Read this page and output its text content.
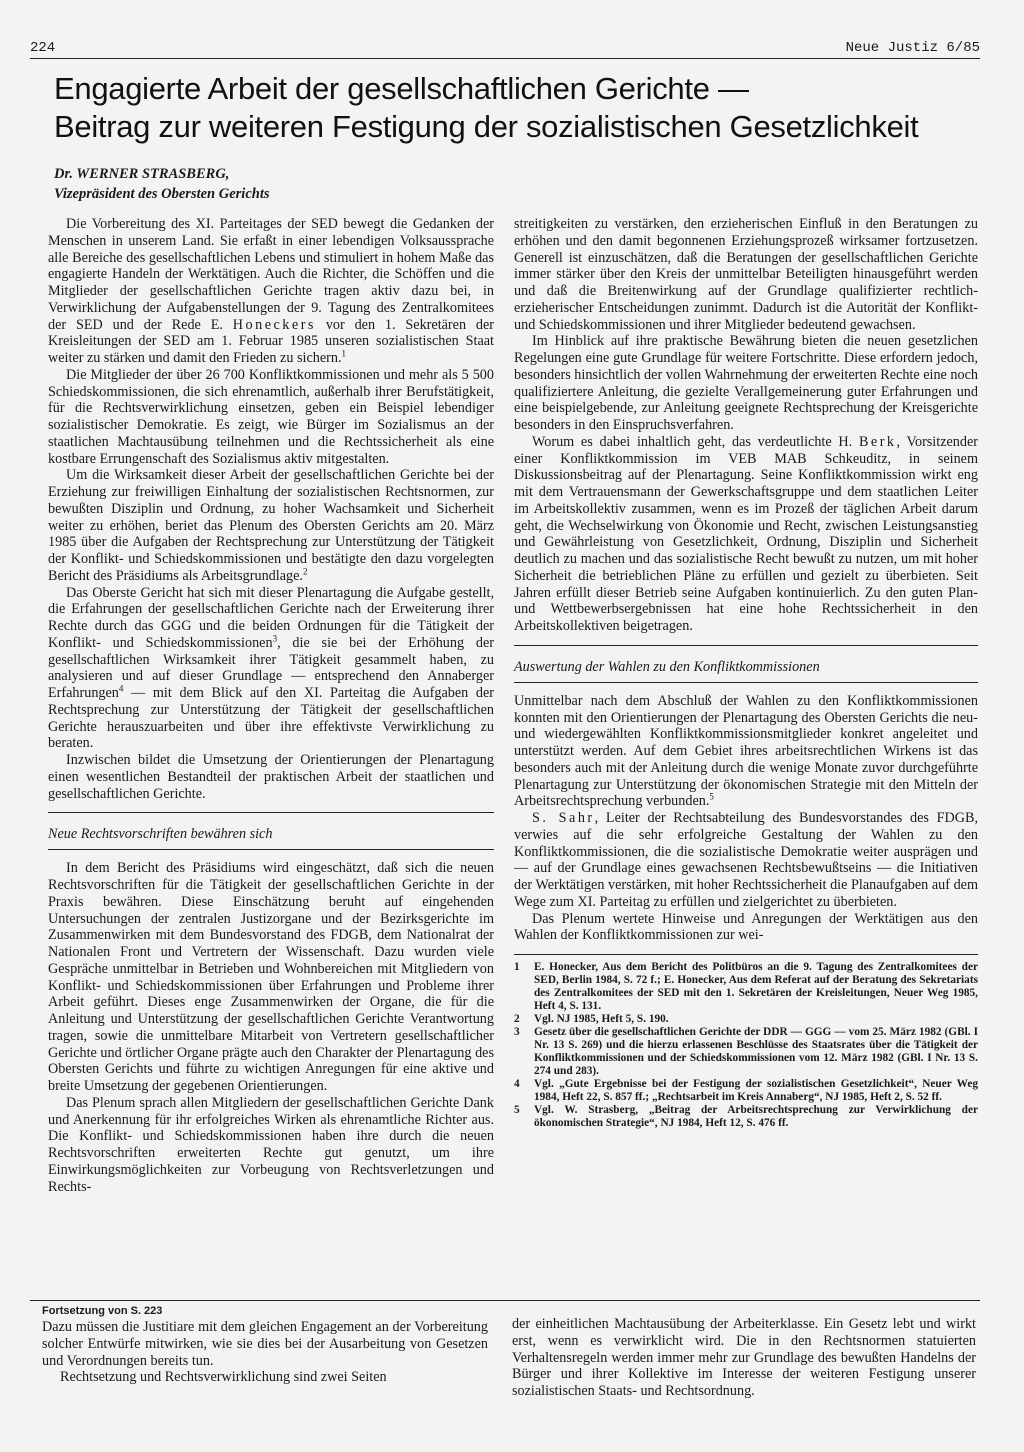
224	Neue Justiz 6/85
Engagierte Arbeit der gesellschaftlichen Gerichte —
Beitrag zur weiteren Festigung der sozialistischen Gesetzlichkeit
Dr. WERNER STRASBERG,
Vizepräsident des Obersten Gerichts

Die Vorbereitung des XI. Parteitages der SED bewegt die Gedanken der Menschen in unserem Land. Sie erfaßt in einer lebendigen Volksaussprache alle Bereiche des gesellschaftlichen Lebens und stimuliert in hohem Maße das engagierte Handeln der Werktätigen. Auch die Richter, die Schöffen und die Mitglieder der gesellschaftlichen Gerichte tragen aktiv dazu bei, in Verwirklichung der Aufgabenstellungen der 9. Tagung des Zentralkomitees der SED und der Rede E. Honeckers vor den 1. Sekretären der Kreisleitungen der SED am 1. Februar 1985 unseren sozialistischen Staat weiter zu stärken und damit den Frieden zu sichern.$^1$

Die Mitglieder der über 26 700 Konfliktkommissionen und mehr als 5 500 Schiedskommissionen, die sich ehrenamtlich, außerhalb ihrer Berufstätigkeit, für die Rechtsverwirklichung einsetzen, geben ein Beispiel lebendiger sozialistischer Demokratie. Es zeigt, wie Bürger im Sozialismus an der staatlichen Machtausübung teilnehmen und die Rechtssicherheit als eine kostbare Errungenschaft des Sozialismus aktiv mitgestalten.

Um die Wirksamkeit dieser Arbeit der gesellschaftlichen Gerichte bei der Erziehung zur freiwilligen Einhaltung der sozialistischen Rechtsnormen, zur bewußten Disziplin und Ordnung, zu hoher Wachsamkeit und Sicherheit weiter zu erhöhen, beriet das Plenum des Obersten Gerichts am 20. März 1985 über die Aufgaben der Rechtsprechung zur Unterstützung der Tätigkeit der Konflikt- und Schiedskommissionen und bestätigte den dazu vorgelegten Bericht des Präsidiums als Arbeitsgrundlage.$^2$

Das Oberste Gericht hat sich mit dieser Plenartagung die Aufgabe gestellt, die Erfahrungen der gesellschaftlichen Gerichte nach der Erweiterung ihrer Rechte durch das GGG und die beiden Ordnungen für die Tätigkeit der Konflikt- und Schiedskommissionen$^3$, die sie bei der Erhöhung der gesellschaftlichen Wirksamkeit ihrer Tätigkeit gesammelt haben, zu analysieren und auf dieser Grundlage — entsprechend den Annaberger Erfahrungen$^4$ — mit dem Blick auf den XI. Parteitag die Aufgaben der Rechtsprechung zur Unterstützung der Tätigkeit der gesellschaftlichen Gerichte herauszuarbeiten und über ihre effektivste Verwirklichung zu beraten.

Inzwischen bildet die Umsetzung der Orientierungen der Plenartagung einen wesentlichen Bestandteil der praktischen Arbeit der staatlichen und gesellschaftlichen Gerichte.

Neue Rechtsvorschriften bewähren sich

In dem Bericht des Präsidiums wird eingeschätzt, daß sich die neuen Rechtsvorschriften für die Tätigkeit der gesellschaftlichen Gerichte in der Praxis bewähren. Diese Einschätzung beruht auf eingehenden Untersuchungen der zentralen Justizorgane und der Bezirksgerichte im Zusammenwirken mit dem Bundesvorstand des FDGB, dem Nationalrat der Nationalen Front und Vertretern der Wissenschaft. Dazu wurden viele Gespräche unmittelbar in Betrieben und Wohnbereichen mit Mitgliedern von Konflikt- und Schiedskommissionen über Erfahrungen und Probleme ihrer Arbeit geführt. Dieses enge Zusammenwirken der Organe, die für die Anleitung und Unterstützung der gesellschaftlichen Gerichte Verantwortung tragen, sowie die unmittelbare Mitarbeit von Vertretern gesellschaftlicher Gerichte und örtlicher Organe prägte auch den Charakter der Plenartagung des Obersten Gerichts und führte zu wichtigen Anregungen für eine aktive und breite Umsetzung der gegebenen Orientierungen.

Das Plenum sprach allen Mitgliedern der gesellschaftlichen Gerichte Dank und Anerkennung für ihr erfolgreiches Wirken als ehrenamtliche Richter aus. Die Konflikt- und Schiedskommissionen haben ihre durch die neuen Rechtsvorschriften erweiterten Rechte gut genutzt, um ihre Einwirkungsmöglichkeiten zur Vorbeugung von Rechtsverletzungen und Rechts-

streitigkeiten zu verstärken, den erzieherischen Einfluß in den Beratungen zu erhöhen und den damit begonnenen Erziehungsprozeß wirksamer fortzusetzen. Generell ist einzuschätzen, daß die Beratungen der gesellschaftlichen Gerichte immer stärker über den Kreis der unmittelbar Beteiligten hinausgeführt werden und daß die Breitenwirkung auf der Grundlage qualifizierter rechtlich-erzieherischer Entscheidungen zunimmt. Dadurch ist die Autorität der Konflikt- und Schiedskommissionen und ihrer Mitglieder bedeutend gewachsen.

Im Hinblick auf ihre praktische Bewährung bieten die neuen gesetzlichen Regelungen eine gute Grundlage für weitere Fortschritte. Diese erfordern jedoch, besonders hinsichtlich der vollen Wahrnehmung der erweiterten Rechte eine noch qualifiziertere Anleitung, die gezielte Verallgemeinerung guter Erfahrungen und eine beispielgebende, zur Anleitung geeignete Rechtsprechung der Kreisgerichte besonders in den Einspruchsverfahren.

Worum es dabei inhaltlich geht, das verdeutlichte H. Berk, Vorsitzender einer Konfliktkommission im VEB MAB Schkeuditz, in seinem Diskussionsbeitrag auf der Plenartagung. Seine Konfliktkommission wirkt eng mit dem Vertrauensmann der Gewerkschaftsgruppe und dem staatlichen Leiter im Arbeitskollektiv zusammen, wenn es im Prozeß der täglichen Arbeit darum geht, die Wechselwirkung von Ökonomie und Recht, zwischen Leistungsanstieg und Gewährleistung von Gesetzlichkeit, Ordnung, Disziplin und Sicherheit deutlich zu machen und das sozialistische Recht bewußt zu nutzen, um mit hoher Sicherheit die betrieblichen Pläne zu erfüllen und gezielt zu überbieten. Seit Jahren erfüllt dieser Betrieb seine Aufgaben kontinuierlich. Zu den guten Plan- und Wettbewerbsergebnissen hat eine hohe Rechtssicherheit in den Arbeitskollektiven beigetragen.

Auswertung der Wahlen zu den Konfliktkommissionen

Unmittelbar nach dem Abschluß der Wahlen zu den Konfliktkommissionen konnten mit den Orientierungen der Plenartagung des Obersten Gerichts die neu- und wiedergewählten Konfliktkommissionsmitglieder konkret angeleitet und unterstützt werden. Auf dem Gebiet ihres arbeitsrechtlichen Wirkens ist das besonders auch mit der Anleitung durch die wenige Monate zuvor durchgeführte Plenartagung zur Unterstützung der ökonomischen Strategie mit den Mitteln der Arbeitsrechtsprechung verbunden.$^5$

S. Sahr, Leiter der Rechtsabteilung des Bundesvorstandes des FDGB, verwies auf die sehr erfolgreiche Gestaltung der Wahlen zu den Konfliktkommissionen, die die sozialistische Demokratie weiter ausprägen und — auf der Grundlage eines gewachsenen Rechtsbewußtseins — die Initiativen der Werktätigen verstärken, mit hoher Rechtssicherheit die Planaufgaben auf dem Wege zum XI. Parteitag zu erfüllen und zielgerichtet zu überbieten.

Das Plenum wertete Hinweise und Anregungen der Werktätigen aus den Wahlen der Konfliktkommissionen zur wei-

1	E. Honecker, Aus dem Bericht des Politbüros an die 9. Tagung des Zentralkomitees der SED, Berlin 1984, S. 72 f.; E. Honecker, Aus dem Referat auf der Beratung des Sekretariats des Zentralkomitees der SED mit den 1. Sekretären der Kreisleitungen, Neuer Weg 1985, Heft 4, S. 131.
2	Vgl. NJ 1985, Heft 5, S. 190.
3	Gesetz über die gesellschaftlichen Gerichte der DDR — GGG — vom 25. März 1982 (GBl. I Nr. 13 S. 269) und die hierzu erlassenen Beschlüsse des Staatsrates über die Tätigkeit der Konfliktkommissionen und der Schiedskommissionen vom 12. März 1982 (GBl. I Nr. 13 S. 274 und 283).
4	Vgl. „Gute Ergebnisse bei der Festigung der sozialistischen Gesetzlichkeit“, Neuer Weg 1984, Heft 22, S. 857 ff.; „Rechtsarbeit im Kreis Annaberg“, NJ 1985, Heft 2, S. 52 ff.
5	Vgl. W. Strasberg, „Beitrag der Arbeitsrechtsprechung zur Verwirklichung der ökonomischen Strategie“, NJ 1984, Heft 12, S. 476 ff.
Fortsetzung von S. 223

Dazu müssen die Justitiare mit dem gleichen Engagement an der Vorbereitung solcher Entwürfe mitwirken, wie sie dies bei der Ausarbeitung von Gesetzen und Verordnungen bereits tun.

Rechtsetzung und Rechtsverwirklichung sind zwei Seiten

der einheitlichen Machtausübung der Arbeiterklasse. Ein Gesetz lebt und wirkt erst, wenn es verwirklicht wird. Die in den Rechtsnormen statuierten Verhaltensregeln werden immer mehr zur Grundlage des bewußten Handelns der Bürger und ihrer Kollektive im Interesse der weiteren Festigung unserer sozialistischen Staats- und Rechtsordnung.
